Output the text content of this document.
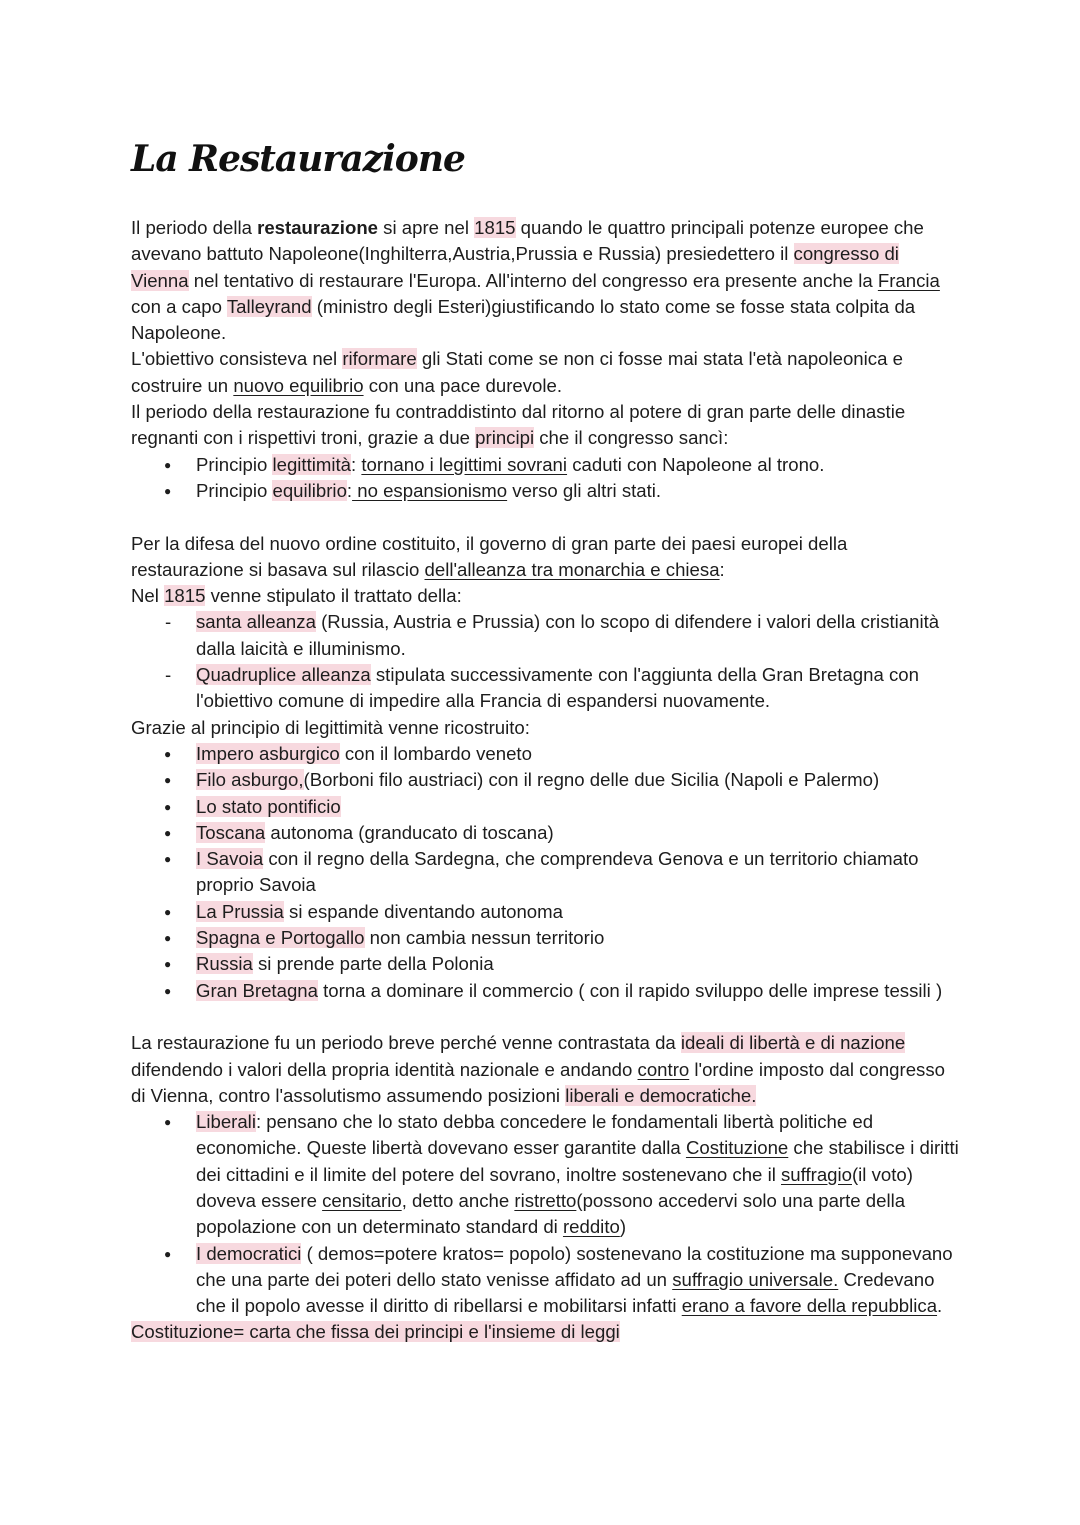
La Restaurazione

Il periodo della restaurazione si apre nel 1815 quando le quattro principali potenze europee che avevano battuto Napoleone(Inghilterra,Austria,Prussia e Russia) presiedettero il congresso di Vienna nel tentativo di restaurare l'Europa. All'interno del congresso era presente anche la Francia con a capo Talleyrand (ministro degli Esteri)giustificando lo stato come se fosse stata colpita da Napoleone.

L'obiettivo consisteva nel riformare gli Stati come se non ci fosse mai stata l'età napoleonica e costruire un nuovo equilibrio con una pace durevole.

Il periodo della restaurazione fu contraddistinto dal ritorno al potere di gran parte delle dinastie regnanti con i rispettivi troni, grazie a due principi che il congresso sancì:

● Principio legittimità: tornano i legittimi sovrani caduti con Napoleone al trono.
● Principio equilibrio: no espansionismo verso gli altri stati.

Per la difesa del nuovo ordine costituito, il governo di gran parte dei paesi europei della restaurazione si basava sul rilascio dell'alleanza tra monarchia e chiesa:

Nel 1815 venne stipulato il trattato della:

- santa alleanza (Russia, Austria e Prussia) con lo scopo di difendere i valori della cristianità dalla laicità e illuminismo.
- Quadruplice alleanza stipulata successivamente con l'aggiunta della Gran Bretagna con l'obiettivo comune di impedire alla Francia di espandersi nuovamente.

Grazie al principio di legittimità venne ricostruito:

● Impero asburgico con il lombardo veneto
● Filo asburgo,(Borboni filo austriaci) con il regno delle due Sicilia (Napoli e Palermo)
● Lo stato pontificio
● Toscana autonoma (granducato di toscana)
● I Savoia con il regno della Sardegna, che comprendeva Genova e un territorio chiamato proprio Savoia
● La Prussia si espande diventando autonoma
● Spagna e Portogallo non cambia nessun territorio
● Russia si prende parte della Polonia
● Gran Bretagna torna a dominare il commercio ( con il rapido sviluppo delle imprese tessili )

La restaurazione fu un periodo breve perché venne contrastata da ideali di libertà e di nazione difendendo i valori della propria identità nazionale e andando contro l'ordine imposto dal congresso di Vienna, contro l'assolutismo assumendo posizioni liberali e democratiche.

● Liberali: pensano che lo stato debba concedere le fondamentali libertà politiche ed economiche. Queste libertà dovevano esser garantite dalla Costituzione che stabilisce i diritti dei cittadini e il limite del potere del sovrano, inoltre sostenevano che il suffragio(il voto) doveva essere censitario, detto anche ristretto(possono accedervi solo una parte della popolazione con un determinato standard di reddito)
● I democratici ( demos=potere kratos= popolo) sostenevano la costituzione ma supponevano che una parte dei poteri dello stato venisse affidato ad un suffragio universale. Credevano che il popolo avesse il diritto di ribellarsi e mobilitarsi infatti erano a favore della repubblica.

Costituzione= carta che fissa dei principi e l'insieme di leggi
